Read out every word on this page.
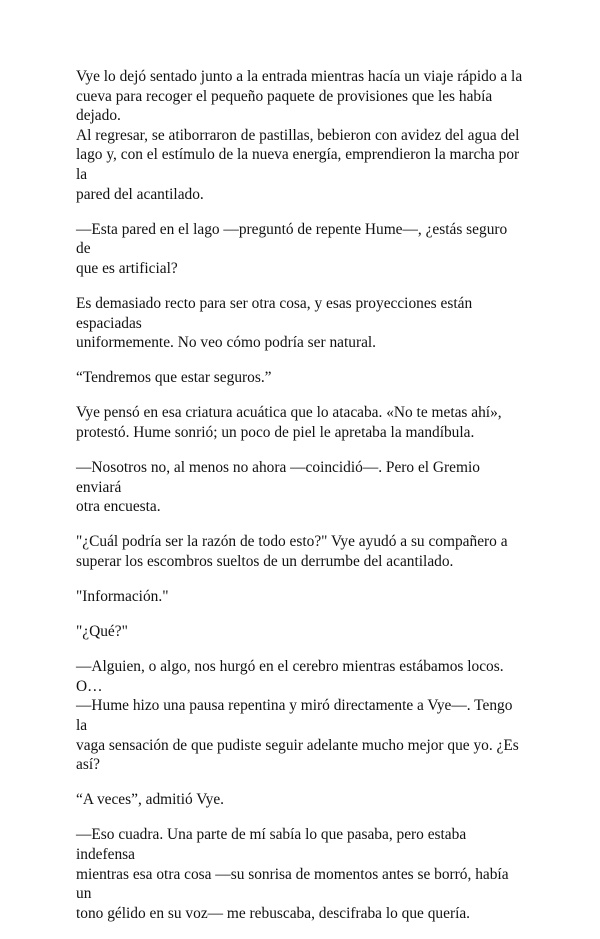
Vye lo dejó sentado junto a la entrada mientras hacía un viaje rápido a la
cueva para recoger el pequeño paquete de provisiones que les había dejado.
Al regresar, se atiborraron de pastillas, bebieron con avidez del agua del
lago y, con el estímulo de la nueva energía, emprendieron la marcha por la
pared del acantilado.

—Esta pared en el lago —preguntó de repente Hume—, ¿estás seguro de
que es artificial?

Es demasiado recto para ser otra cosa, y esas proyecciones están espaciadas
uniformemente. No veo cómo podría ser natural.

“Tendremos que estar seguros.”

Vye pensó en esa criatura acuática que lo atacaba. «No te metas ahí»,
protestó. Hume sonrió; un poco de piel le apretaba la mandíbula.

—Nosotros no, al menos no ahora —coincidió—. Pero el Gremio enviará
otra encuesta.

"¿Cuál podría ser la razón de todo esto?" Vye ayudó a su compañero a
superar los escombros sueltos de un derrumbe del acantilado.

"Información."

"¿Qué?"

—Alguien, o algo, nos hurgó en el cerebro mientras estábamos locos. O…
—Hume hizo una pausa repentina y miró directamente a Vye—. Tengo la
vaga sensación de que pudiste seguir adelante mucho mejor que yo. ¿Es
así?

“A veces”, admitió Vye.

—Eso cuadra. Una parte de mí sabía lo que pasaba, pero estaba indefensa
mientras esa otra cosa —su sonrisa de momentos antes se borró, había un
tono gélido en su voz— me rebuscaba, descifraba lo que quería.
